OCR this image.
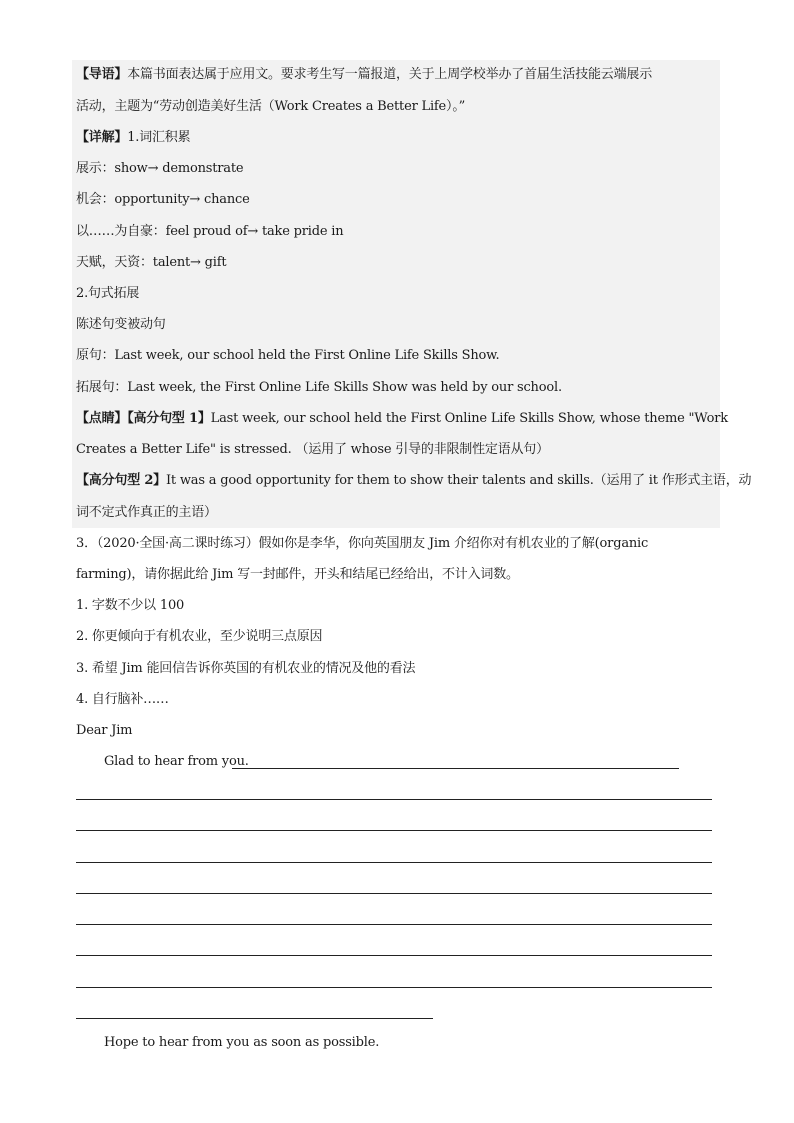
【导语】本篇书面表达属于应用文。要求考生写一篇报道，关于上周学校举办了首届生活技能云端展示
活动，主题为“劳动创造美好生活（Work Creates a Better Life）。”
【详解】1.词汇积累
展示：show→ demonstrate
机会：opportunity→ chance
以……为自豪：feel proud of→ take pride in
天赋，天资：talent→ gift
2.句式拓展
陈述句变被动句
原句：Last week, our school held the First Online Life Skills Show.
拓展句：Last week, the First Online Life Skills Show was held by our school.
【点睛】【高分句型 1】Last week, our school held the First Online Life Skills Show, whose theme "Work
Creates a Better Life" is stressed. （运用了 whose 引导的非限制性定语从句）
【高分句型 2】It was a good opportunity for them to show their talents and skills.（运用了 it 作形式主语，动
词不定式作真正的主语）
3．（2020·全国·高二课时练习）假如你是李华，你向英国朋友 Jim 介绍你对有机农业的了解(organic
farming)，请你据此给 Jim 写一封邮件，开头和结尾已经给出，不计入词数。
1. 字数不少以 100
2. 你更倾向于有机农业，至少说明三点原因
3. 希望 Jim 能回信告诉你英国的有机农业的情况及他的看法
4. 自行脑补……
Dear Jim
Glad to hear from you.
Hope to hear from you as soon as possible.
